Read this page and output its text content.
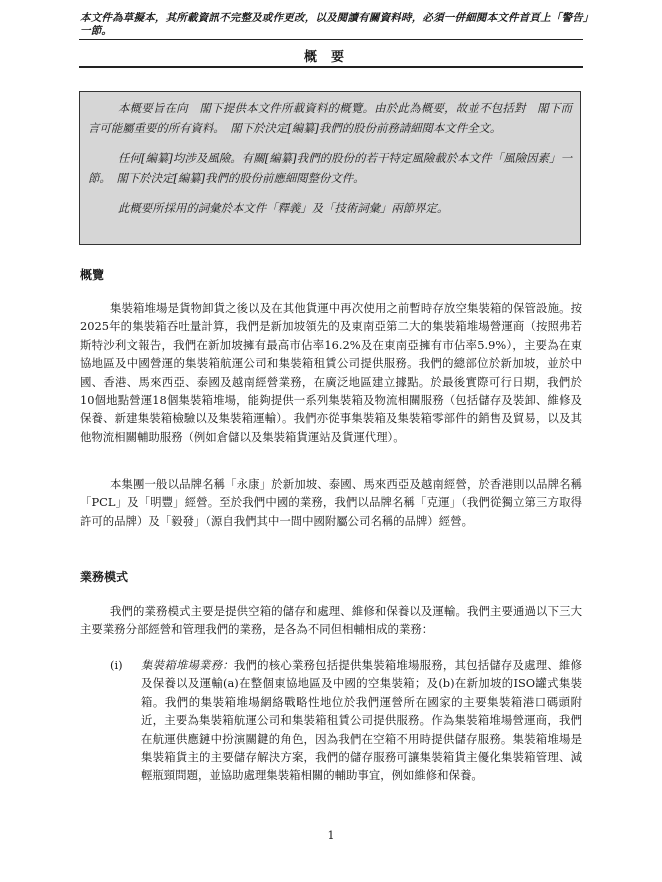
本文件為草擬本，其所載資訊不完整及或作更改，以及閱讀有關資料時，必須一併細閱本文件首頁上「警告」一節。
概要

本概要旨在向　閣下提供本文件所載資料的概覽。由於此為概要，故並不包括對　閣下而言可能屬重要的所有資料。　閣下於決定[編纂]我們的股份前務請細閱本文件全文。

任何[編纂]均涉及風險。有關[編纂]我們的股份的若干特定風險載於本文件「風險因素」一節。　閣下於決定[編纂]我們的股份前應細閱整份文件。

此概要所採用的詞彙於本文件「釋義」及「技術詞彙」兩節界定。

概覽

集裝箱堆場是貨物卸貨之後以及在其他貨運中再次使用之前暫時存放空集裝箱的保管設施。按2025年的集裝箱吞吐量計算，我們是新加坡領先的及東南亞第二大的集裝箱堆場營運商（按照弗若斯特沙利文報告，我們在新加坡擁有最高市佔率16.2%及在東南亞擁有市佔率5.9%），主要為在東協地區及中國營運的集裝箱航運公司和集裝箱租賃公司提供服務。我們的總部位於新加坡，並於中國、香港、馬來西亞、泰國及越南經營業務，在廣泛地區建立據點。於最後實際可行日期，我們於10個地點營運18個集裝箱堆場，能夠提供一系列集裝箱及物流相關服務（包括儲存及裝卸、維修及保養、新建集裝箱檢驗以及集裝箱運輸）。我們亦從事集裝箱及集裝箱零部件的銷售及貿易，以及其他物流相關輔助服務（例如倉儲以及集裝箱貨運站及貨運代理）。

本集團一般以品牌名稱「永康」於新加坡、泰國、馬來西亞及越南經營，於香港則以品牌名稱「PCL」及「明豐」經營。至於我們中國的業務，我們以品牌名稱「克運」（我們從獨立第三方取得許可的品牌）及「毅發」（源自我們其中一間中國附屬公司名稱的品牌）經營。

業務模式

我們的業務模式主要是提供空箱的儲存和處理、維修和保養以及運輸。我們主要通過以下三大主要業務分部經營和管理我們的業務，是各為不同但相輔相成的業務：

(i) 集裝箱堆場業務：我們的核心業務包括提供集裝箱堆場服務，其包括儲存及處理、維修及保養以及運輸(a)在整個東協地區及中國的空集裝箱；及(b)在新加坡的ISO罐式集裝箱。我們的集裝箱堆場網絡戰略性地位於我們運營所在國家的主要集裝箱港口碼頭附近，主要為集裝箱航運公司和集裝箱租賃公司提供服務。作為集裝箱堆場營運商，我們在航運供應鏈中扮演關鍵的角色，因為我們在空箱不用時提供儲存服務。集裝箱堆場是集裝箱貨主的主要儲存解決方案，我們的儲存服務可讓集裝箱貨主優化集裝箱管理、減輕瓶頸問題，並協助處理集裝箱相關的輔助事宜，例如維修和保養。

1
